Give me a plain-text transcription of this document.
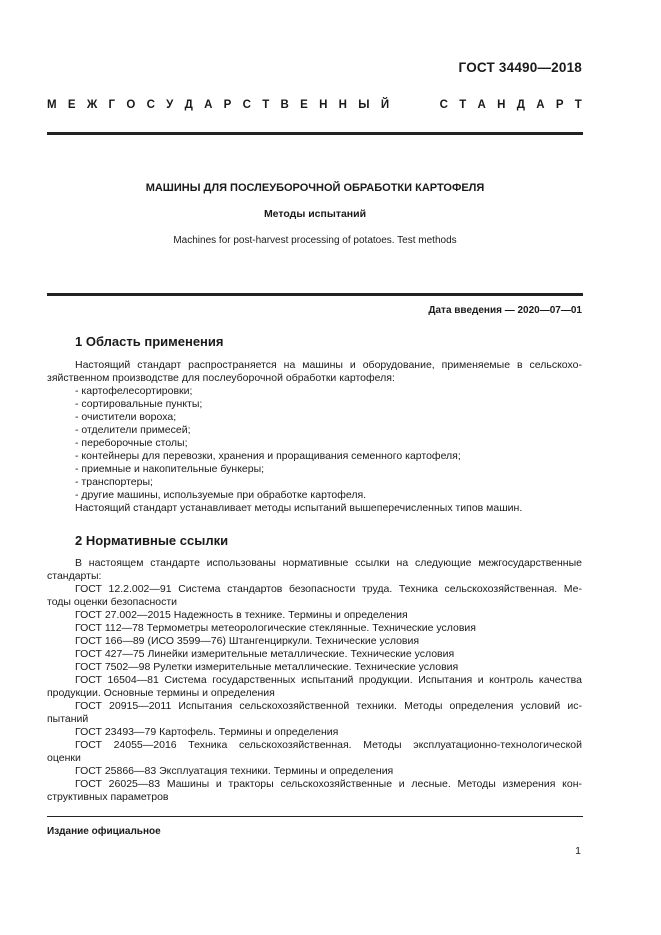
ГОСТ 34490—2018
М Е Ж Г О С У Д А Р С Т В Е Н Н Ы Й	С Т А Н Д А Р Т
МАШИНЫ ДЛЯ ПОСЛЕУБОРОЧНОЙ ОБРАБОТКИ КАРТОФЕЛЯ
Методы испытаний
Machines for post-harvest processing of potatoes. Test methods
Дата введения — 2020—07—01
1 Область применения
Настоящий стандарт распространяется на машины и оборудование, применяемые в сельскохо-
зяйственном производстве для послеуборочной обработки картофеля:
- картофелесортировки;
- сортировальные пункты;
- очистители вороха;
- отделители примесей;
- переборочные столы;
- контейнеры для перевозки, хранения и проращивания семенного картофеля;
- приемные и накопительные бункеры;
- транспортеры;
- другие машины, используемые при обработке картофеля.
Настоящий стандарт устанавливает методы испытаний вышеперечисленных типов машин.
2 Нормативные ссылки
В настоящем стандарте использованы нормативные ссылки на следующие межгосударственные
стандарты:
ГОСТ 12.2.002—91 Система стандартов безопасности труда. Техника сельскохозяйственная. Ме-
тоды оценки безопасности
ГОСТ 27.002—2015 Надежность в технике. Термины и определения
ГОСТ 112—78 Термометры метеорологические стеклянные. Технические условия
ГОСТ 166—89 (ИСО 3599—76) Штангенциркули. Технические условия
ГОСТ 427—75 Линейки измерительные металлические. Технические условия
ГОСТ 7502—98 Рулетки измерительные металлические. Технические условия
ГОСТ 16504—81 Система государственных испытаний продукции. Испытания и контроль качества
продукции. Основные термины и определения
ГОСТ 20915—2011 Испытания сельскохозяйственной техники. Методы определения условий ис-
пытаний
ГОСТ 23493—79 Картофель. Термины и определения
ГОСТ 24055—2016 Техника сельскохозяйственная. Методы эксплуатационно-технологической
оценки
ГОСТ 25866—83 Эксплуатация техники. Термины и определения
ГОСТ 26025—83 Машины и тракторы сельскохозяйственные и лесные. Методы измерения кон-
структивных параметров
Издание официальное
1
